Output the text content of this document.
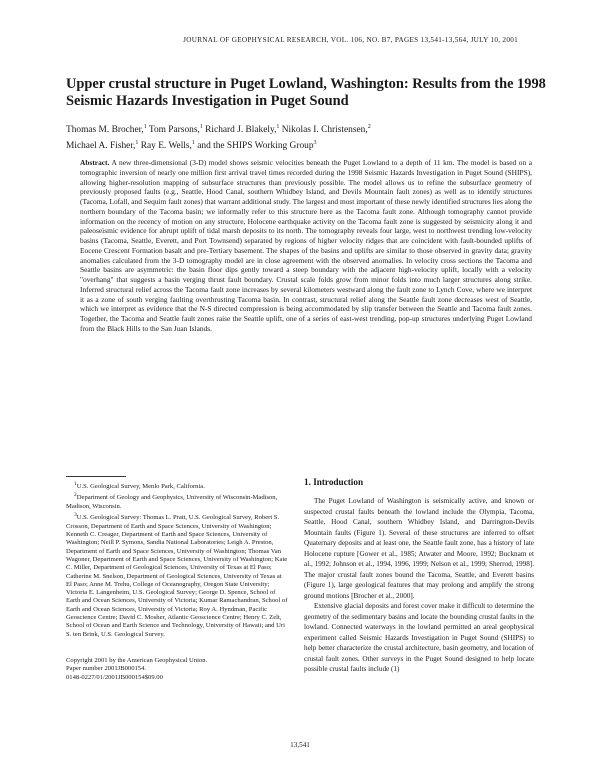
JOURNAL OF GEOPHYSICAL RESEARCH, VOL. 106, NO. B7, PAGES 13,541-13,564, JULY 10, 2001
Upper crustal structure in Puget Lowland, Washington: Results from the 1998 Seismic Hazards Investigation in Puget Sound
Thomas M. Brocher,$^1$ Tom Parsons,$^1$ Richard J. Blakely,$^1$ Nikolas I. Christensen,$^2$
Michael A. Fisher,$^1$ Ray E. Wells,$^1$ and the SHIPS Working Group$^3$
Abstract. A new three-dimensional (3-D) model shows seismic velocities beneath the Puget Lowland to a depth of 11 km. The model is based on a tomographic inversion of nearly one million first arrival travel times recorded during the 1998 Seismic Hazards Investigation in Puget Sound (SHIPS), allowing higher-resolution mapping of subsurface structures than previously possible. The model allows us to refine the subsurface geometry of previously proposed faults (e.g., Seattle, Hood Canal, southern Whidbey Island, and Devils Mountain fault zones) as well as to identify structures (Tacoma, Lofall, and Sequim fault zones) that warrant additional study. The largest and most important of these newly identified structures lies along the northern boundary of the Tacoma basin; we informally refer to this structure here as the Tacoma fault zone. Although tomography cannot provide information on the recency of motion on any structure, Holocene earthquake activity on the Tacoma fault zone is suggested by seismicity along it and paleoseismic evidence for abrupt uplift of tidal marsh deposits to its north. The tomography reveals four large, west to northwest trending low-velocity basins (Tacoma, Seattle, Everett, and Port Townsend) separated by regions of higher velocity ridges that are coincident with fault-bounded uplifts of Eocene Crescent Formation basalt and pre-Tertiary basement. The shapes of the basins and uplifts are similar to those observed in gravity data; gravity anomalies calculated from the 3-D tomography model are in close agreement with the observed anomalies. In velocity cross sections the Tacoma and Seattle basins are asymmetric: the basin floor dips gently toward a steep boundary with the adjacent high-velocity uplift, locally with a velocity "overhang" that suggests a basin verging thrust fault boundary. Crustal scale folds grow from minor folds into much larger structures along strike. Inferred structural relief across the Tacoma fault zone increases by several kilometers westward along the fault zone to Lynch Cove, where we interpret it as a zone of south verging faulting overthrusting Tacoma basin. In contrast, structural relief along the Seattle fault zone decreases west of Seattle, which we interpret as evidence that the N-S directed compression is being accommodated by slip transfer between the Seattle and Tacoma fault zones. Together, the Tacoma and Seattle fault zones raise the Seattle uplift, one of a series of east-west trending, pop-up structures underlying Puget Lowland from the Black Hills to the San Juan Islands.

$^1$U.S. Geological Survey, Menlo Park, California.

$^2$Department of Geology and Geophysics, University of Wisconsin-Madison, Madison, Wisconsin.

$^3$U.S. Geological Survey: Thomas L. Pratt, U.S. Geological Survey, Robert S. Crosson, Department of Earth and Space Sciences, University of Washington; Kenneth C. Creager, Department of Earth and Space Sciences, University of Washington; Neill P. Symons, Sandia National Laboratories; Leigh A. Preston, Department of Earth and Space Sciences, University of Washington; Thomas Van Wagoner, Department of Earth and Space Sciences, University of Washington; Kate C. Miller, Department of Geological Sciences, University of Texas at El Paso; Catherine M. Snelson, Department of Geological Sciences, University of Texas at El Paso; Anne M. Trehu, College of Oceanography, Oregon State University; Victoria E. Langenheim, U.S. Geological Survey; George D. Spence, School of Earth and Ocean Sciences, University of Victoria; Kumar Ramachandran, School of Earth and Ocean Sciences, University of Victoria; Roy A. Hyndman, Pacific Geoscience Centre; David C. Mosher, Atlantic Geoscience Centre; Henry C. Zelt, School of Ocean and Earth Science and Technology, University of Hawaii; and Uri S. ten Brink, U.S. Geological Survey.

Copyright 2001 by the American Geophysical Union.

Paper number 2001JB000154.

0148-0227/01/2001JB000154$09.00

1. Introduction

The Puget Lowland of Washington is seismically active, and known or suspected crustal faults beneath the lowland include the Olympia, Tacoma, Seattle, Hood Canal, southern Whidbey Island, and Darrington-Devils Mountain faults (Figure 1). Several of these structures are inferred to offset Quaternary deposits and at least one, the Seattle fault zone, has a history of late Holocene rupture [Gower et al., 1985; Atwater and Moore, 1992; Bucknam et al., 1992; Johnson et al., 1994, 1996, 1999; Nelson et al., 1999; Sherrod, 1998]. The major crustal fault zones bound the Tacoma, Seattle, and Everett basins (Figure 1), large geological features that may prolong and amplify the strong ground motions [Brocher et al., 2000].

Extensive glacial deposits and forest cover make it difficult to determine the geometry of the sedimentary basins and locate the bounding crustal faults in the lowland. Connected waterways in the lowland permitted an areal geophysical experiment called Seismic Hazards Investigation in Puget Sound (SHIPS) to help better characterize the crustal architecture, basin geometry, and location of crustal fault zones. Other surveys in the Puget Sound designed to help locate possible crustal faults include (1)

13,541
